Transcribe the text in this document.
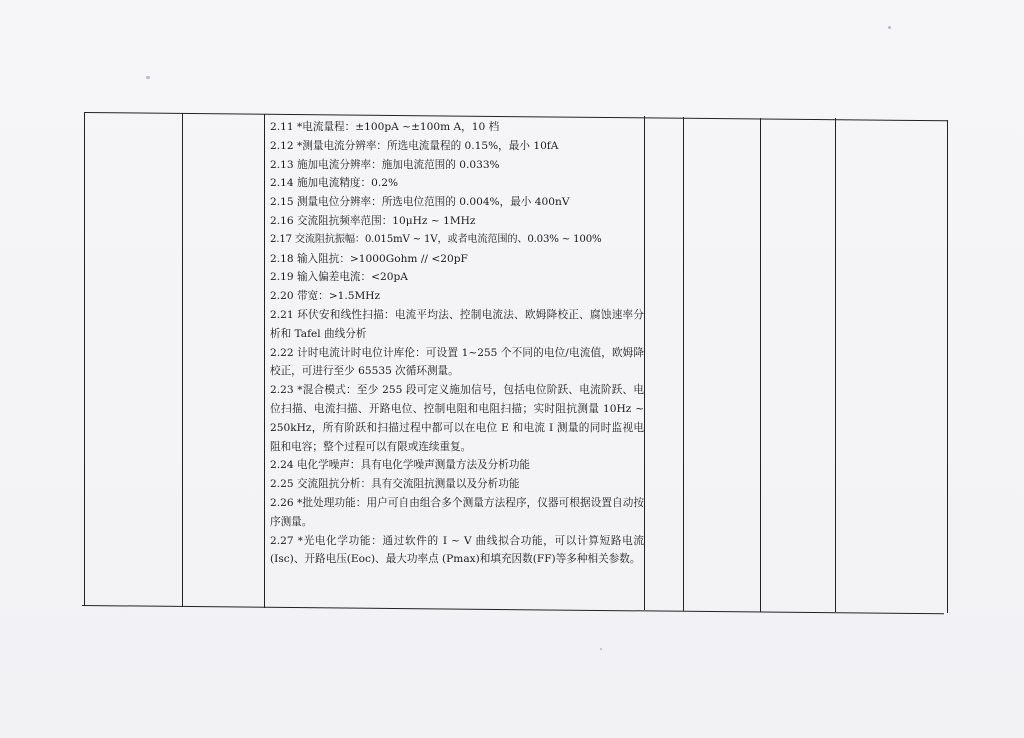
2.11 *电流量程：±100pA ~±100m A，10 档
2.12 *测量电流分辨率：所选电流量程的 0.15%，最小 10fA
2.13 施加电流分辨率：施加电流范围的 0.033%
2.14 施加电流精度：0.2%
2.15 测量电位分辨率：所选电位范围的 0.004%，最小 400nV
2.16 交流阻抗频率范围：10μHz ~ 1MHz
2.17 交流阻抗振幅：0.015mV ~ 1V，或者电流范围的、0.03% ~ 100%
2.18 输入阻抗：>1000Gohm // <20pF
2.19 输入偏差电流：<20pA
2.20 带宽：>1.5MHz
2.21 环伏安和线性扫描：电流平均法、控制电流法、欧姆降校正、腐蚀速率分析和 Tafel 曲线分析
2.22 计时电流计时电位计库伦：可设置 1~255 个不同的电位/电流值，欧姆降校正，可进行至少 65535 次循环测量。
2.23 *混合模式：至少 255 段可定义施加信号，包括电位阶跃、电流阶跃、电位扫描、电流扫描、开路电位、控制电阻和电阻扫描；实时阻抗测量 10Hz ~ 250kHz，所有阶跃和扫描过程中都可以在电位 E 和电流 I 测量的同时监视电阻和电容；整个过程可以有限或连续重复。
2.24 电化学噪声：具有电化学噪声测量方法及分析功能
2.25 交流阻抗分析：具有交流阻抗测量以及分析功能
2.26 *批处理功能：用户可自由组合多个测量方法程序，仪器可根据设置自动按序测量。
2.27 *光电化学功能：通过软件的 I ~ V 曲线拟合功能，可以计算短路电流(Isc)、开路电压(Eoc)、最大功率点 (Pmax)和填充因数(FF)等多种相关参数。
